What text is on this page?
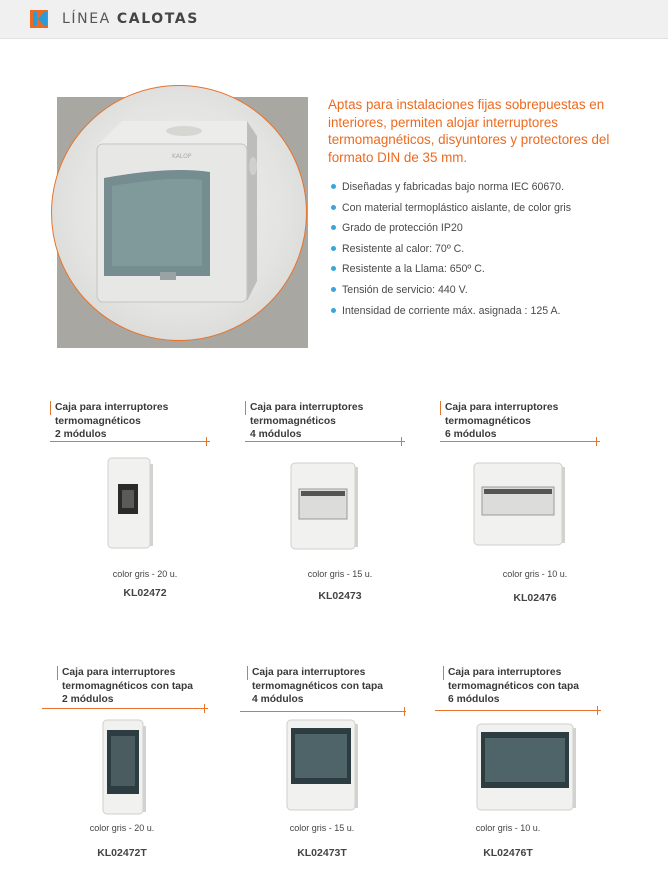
LÍNEA CALOTAS
KALOP
Aptas para instalaciones fijas sobrepuestas en interiores, permiten alojar interruptores termomagnéticos, disyuntores y protectores del formato DIN de 35 mm.
Diseñadas y fabricadas bajo norma IEC 60670.
Con material termoplástico aislante, de color gris
Grado de protección IP20
Resistente al calor: 70º C.
Resistente a la Llama: 650º C.
Tensión de servicio: 440 V.
Intensidad de corriente máx. asignada : 125 A.
Caja para interruptores
termomagnéticos
2 módulos
color gris - 20 u.
KL02472
Caja para interruptores
termomagnéticos
4 módulos
color gris - 15 u.
KL02473
Caja para interruptores
termomagnéticos
6 módulos
color gris - 10 u.
KL02476
Caja para interruptores
termomagnéticos con tapa
2 módulos
color gris - 20 u.
KL02472T
Caja para interruptores
termomagnéticos con tapa
4 módulos
color gris - 15 u.
KL02473T
Caja para interruptores
termomagnéticos con tapa
6 módulos
color gris - 10 u.
KL02476T
